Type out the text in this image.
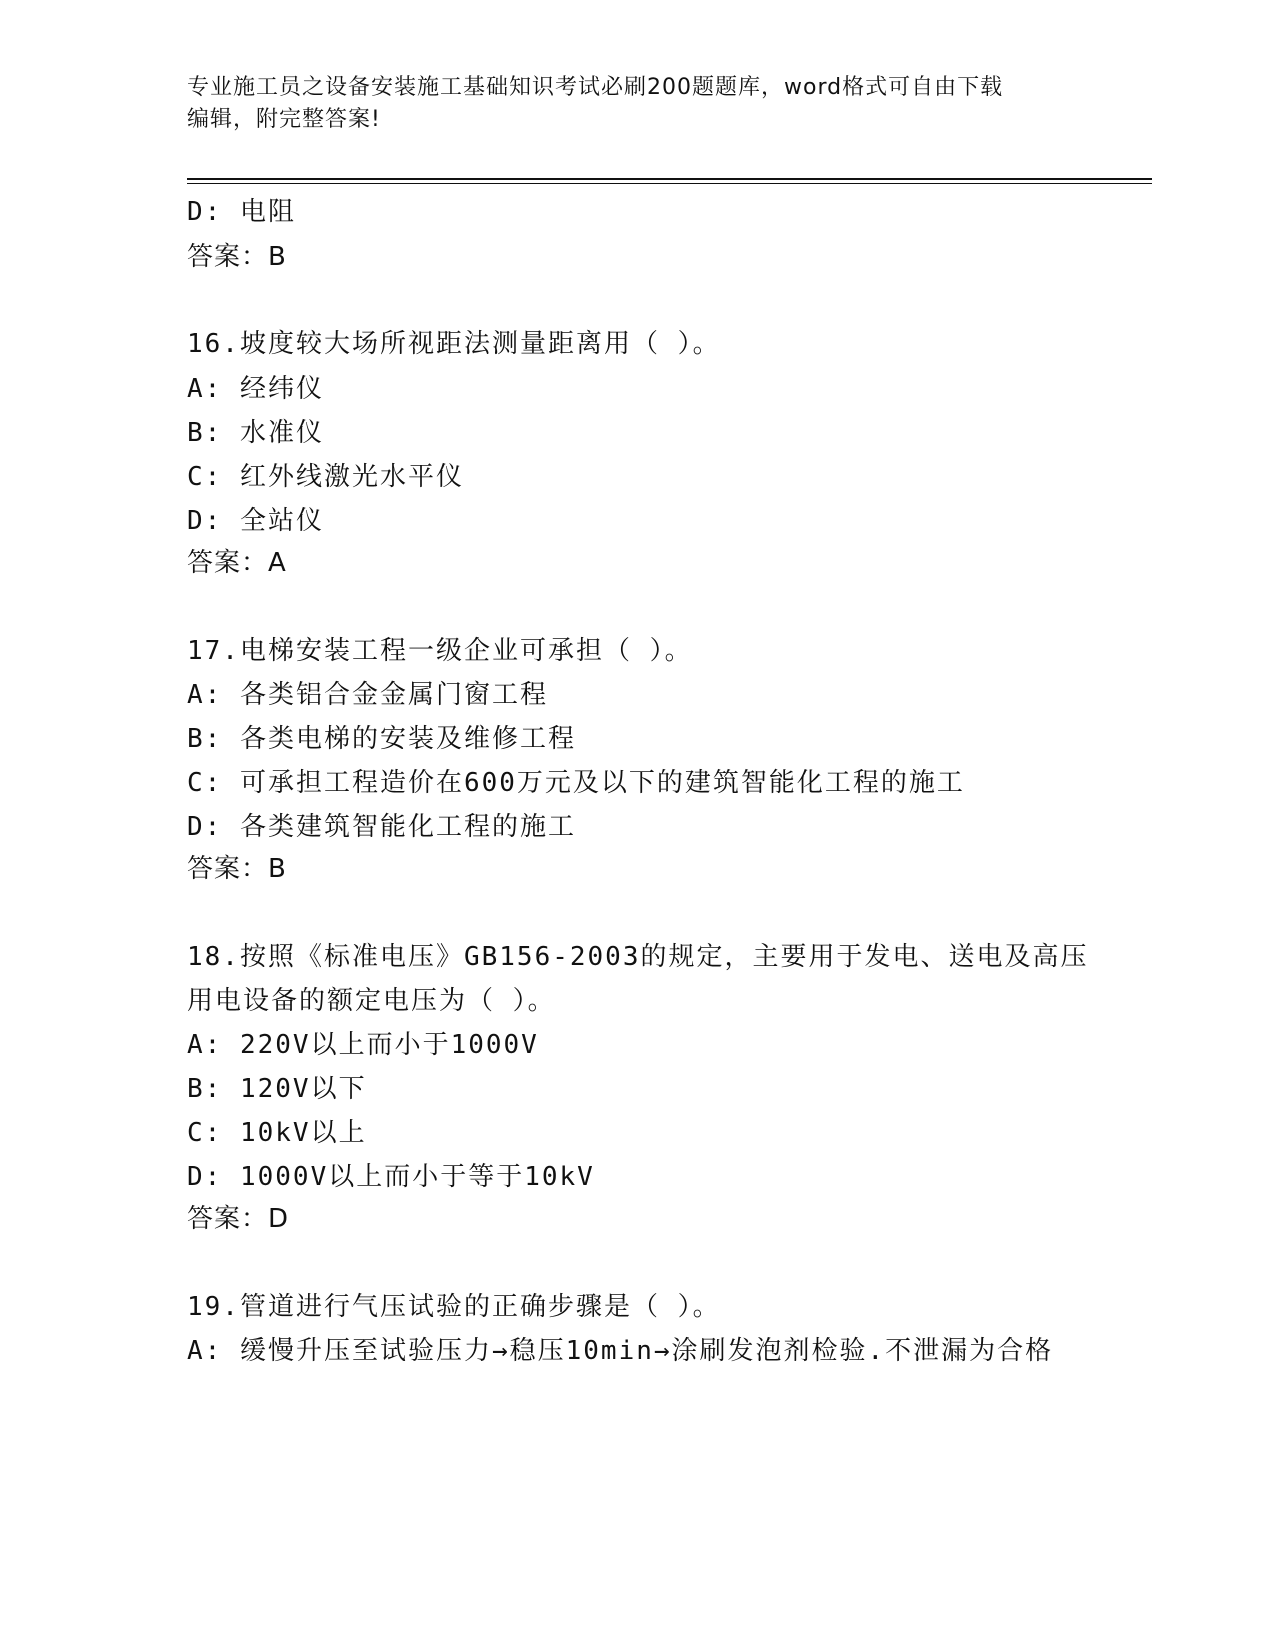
专业施工员之设备安装施工基础知识考试必刷200题题库，word格式可自由下载
编辑，附完整答案!
D: 电阻
答案：B
16.坡度较大场所视距法测量距离用（ ）。
A: 经纬仪
B: 水准仪
C: 红外线激光水平仪
D: 全站仪
答案：A
17.电梯安装工程一级企业可承担（ ）。
A: 各类铝合金金属门窗工程
B: 各类电梯的安装及维修工程
C: 可承担工程造价在600万元及以下的建筑智能化工程的施工
D: 各类建筑智能化工程的施工
答案：B
18.按照《标准电压》GB156-2003的规定，主要用于发电、送电及高压
用电设备的额定电压为（ ）。
A: 220V以上而小于1000V
B: 120V以下
C: 10kV以上
D: 1000V以上而小于等于10kV
答案：D
19.管道进行气压试验的正确步骤是（ ）。
A: 缓慢升压至试验压力→稳压10min→涂刷发泡剂检验.不泄漏为合格
